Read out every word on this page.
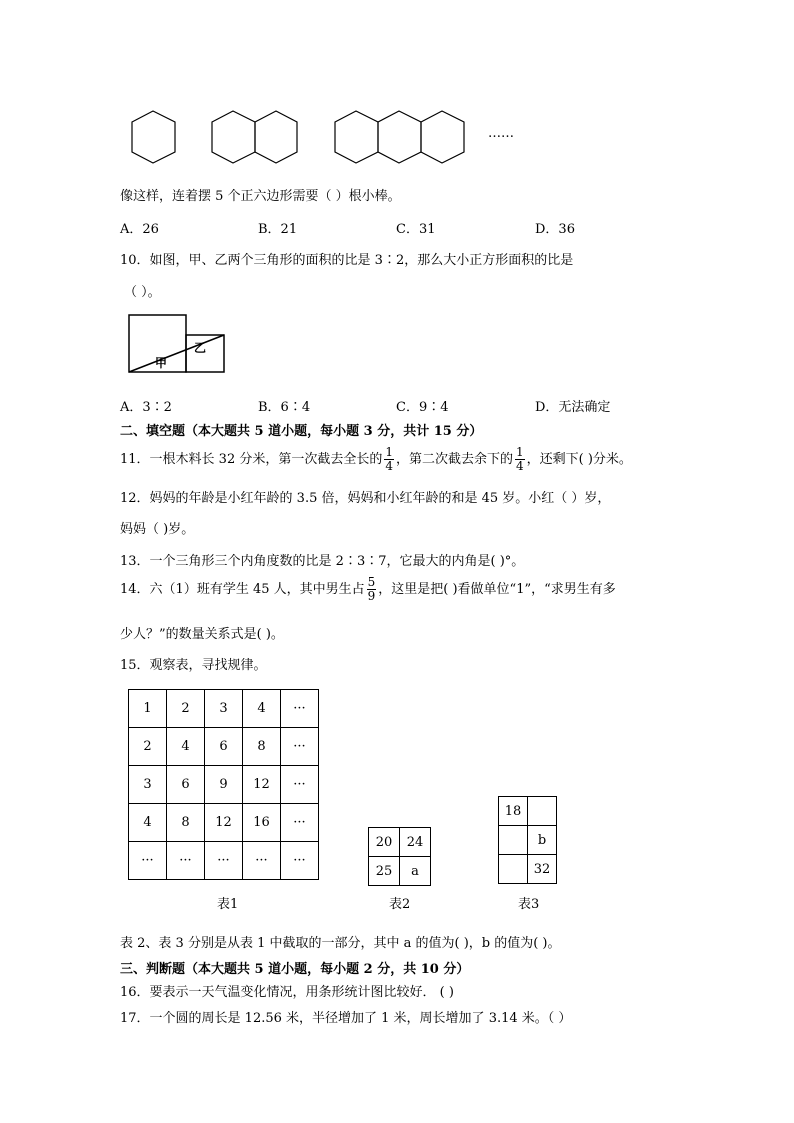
……
像这样，连着摆 5 个正六边形需要（ ）根小棒。
A．26	B．21	C．31	D．36
10．如图，甲、乙两个三角形的面积的比是 3∶2，那么大小正方形面积的比是
（ ）。
甲
乙
A．3∶2	B．6∶4	C．9∶4	D．无法确定
二、填空题（本大题共 5 道小题，每小题 3 分，共计 15 分）
11．一根木料长 32 分米，第一次截去全长的 $\frac{1}{4}$ ，第二次截去余下的 $\frac{1}{4}$ ，还剩下( )分米。
12．妈妈的年龄是小红年龄的 3.5 倍，妈妈和小红年龄的和是 45 岁。小红（ ）岁，
妈妈（ )岁。
13．一个三角形三个内角度数的比是 2∶3∶7，它最大的内角是( )°。
14．六（1）班有学生 45 人，其中男生占 $\frac{5}{9}$ ，这里是把( )看做单位“1”，“求男生有多
少人？”的数量关系式是( )。
15．观察表，寻找规律。
1	2	3	4	···
2	4	6	8	···
3	6	9	12	···
4	8	12	16	···
···	···	···	···	···
表1
20	24
25	a
表2
18	
	b
	32
表3
表 2、表 3 分别是从表 1 中截取的一部分，其中 a 的值为( )，b 的值为( )。
三、判断题（本大题共 5 道小题，每小题 2 分，共 10 分）
16．要表示一天气温变化情况，用条形统计图比较好． ( )
17．一个圆的周长是 12.56 米，半径增加了 1 米，周长增加了 3.14 米。（ ）
